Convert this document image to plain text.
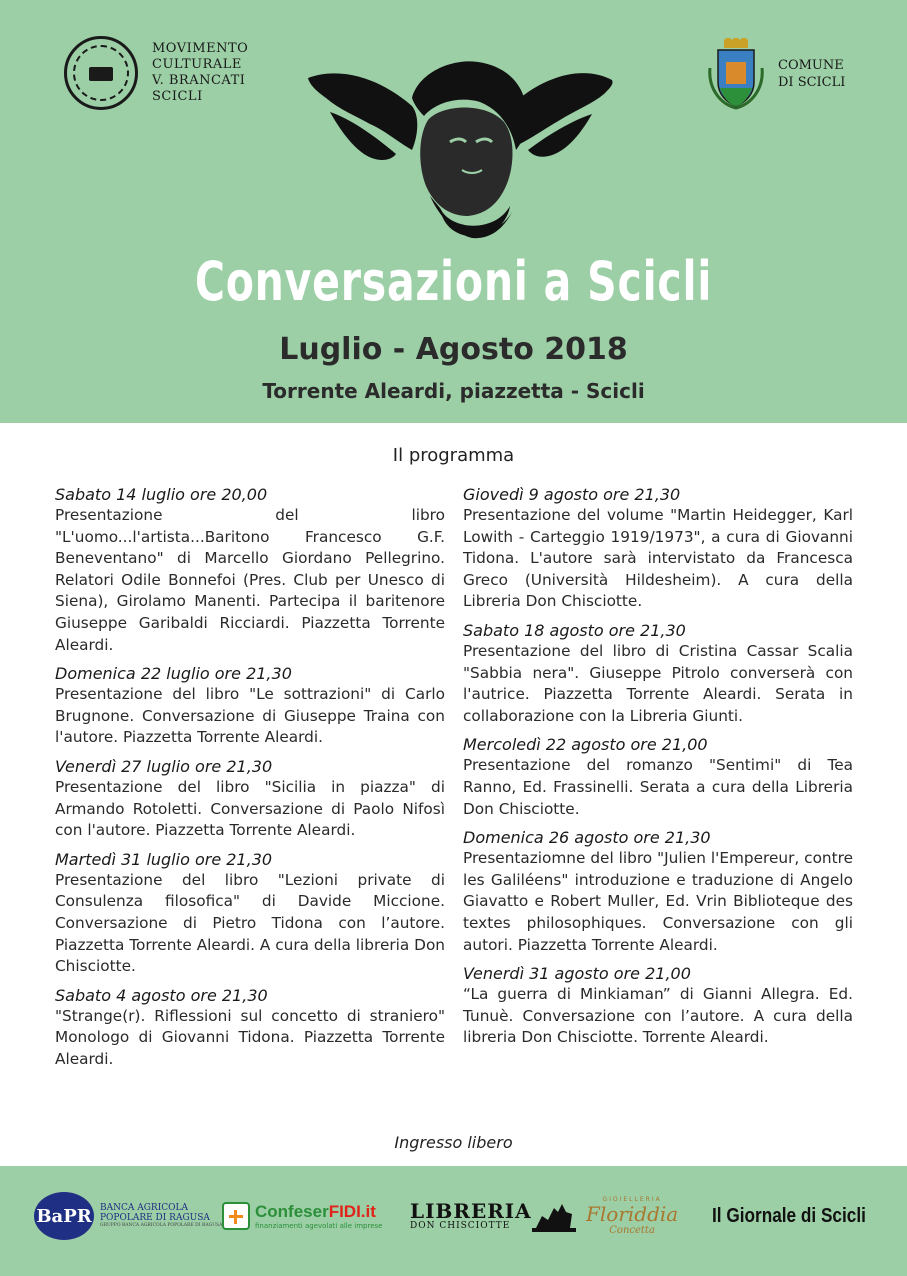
MOVIMENTO
CULTURALE
V. BRANCATI
SCICLI
COMUNE
DI SCICLI
Conversazioni a Scicli
Luglio - Agosto 2018
Torrente Aleardi, piazzetta - Scicli
Il programma
Sabato 14 luglio ore 20,00
Presentazione del libro "L'uomo...l'artista...Baritono Francesco G.F. Beneventano" di Marcello Giordano Pellegrino. Relatori Odile Bonnefoi (Pres. Club per Unesco di Siena), Girolamo Manenti. Partecipa il baritenore Giuseppe Garibaldi Ricciardi. Piazzetta Torrente Aleardi.
Domenica 22 luglio ore 21,30
Presentazione del libro "Le sottrazioni" di Carlo Brugnone. Conversazione di Giuseppe Traina con l'autore. Piazzetta Torrente Aleardi.
Venerdì 27 luglio ore 21,30
Presentazione del libro "Sicilia in piazza" di Armando Rotoletti. Conversazione di Paolo Nifosì con l'autore. Piazzetta Torrente Aleardi.
Martedì 31 luglio ore 21,30
Presentazione del libro "Lezioni private di Consulenza filosofica" di Davide Miccione. Conversazione di Pietro Tidona con l’autore. Piazzetta Torrente Aleardi. A cura della libreria Don Chisciotte.
Sabato 4 agosto ore 21,30
"Strange(r). Riflessioni sul concetto di straniero" Monologo di Giovanni Tidona. Piazzetta Torrente Aleardi.
Giovedì 9 agosto ore 21,30
Presentazione del volume "Martin Heidegger, Karl Lowith - Carteggio 1919/1973", a cura di Giovanni Tidona. L'autore sarà intervistato da Francesca Greco (Università Hildesheim). A cura della Libreria Don Chisciotte.
Sabato 18 agosto ore 21,30
Presentazione del libro di Cristina Cassar Scalia "Sabbia nera". Giuseppe Pitrolo converserà con l'autrice. Piazzetta Torrente Aleardi. Serata in collaborazione con la Libreria Giunti.
Mercoledì 22 agosto ore 21,00
Presentazione del romanzo "Sentimi" di Tea Ranno, Ed. Frassinelli. Serata a cura della Libreria Don Chisciotte.
Domenica 26 agosto ore 21,30
Presentaziomne del libro "Julien l'Empereur, contre les Galiléens" introduzione e traduzione di Angelo Giavatto e Robert Muller, Ed. Vrin Biblioteque des textes philosophiques. Conversazione con gli autori. Piazzetta Torrente Aleardi.
Venerdì 31 agosto ore 21,00
“La guerra di Minkiaman” di Gianni Allegra. Ed. Tunuè. Conversazione con l’autore. A cura della libreria Don Chisciotte. Torrente Aleardi.
Ingresso libero
BaPR BANCA AGRICOLA
POPOLARE DI RAGUSA
GRUPPO BANCA AGRICOLA POPOLARE DI RAGUSA
ConfeserFIDI.it
finanziamenti agevolati alle imprese
LIBRERIA
DON CHISCIOTTE
GIOIELLERIA
Floriddia
Concetta
Il Giornale di Scicli
